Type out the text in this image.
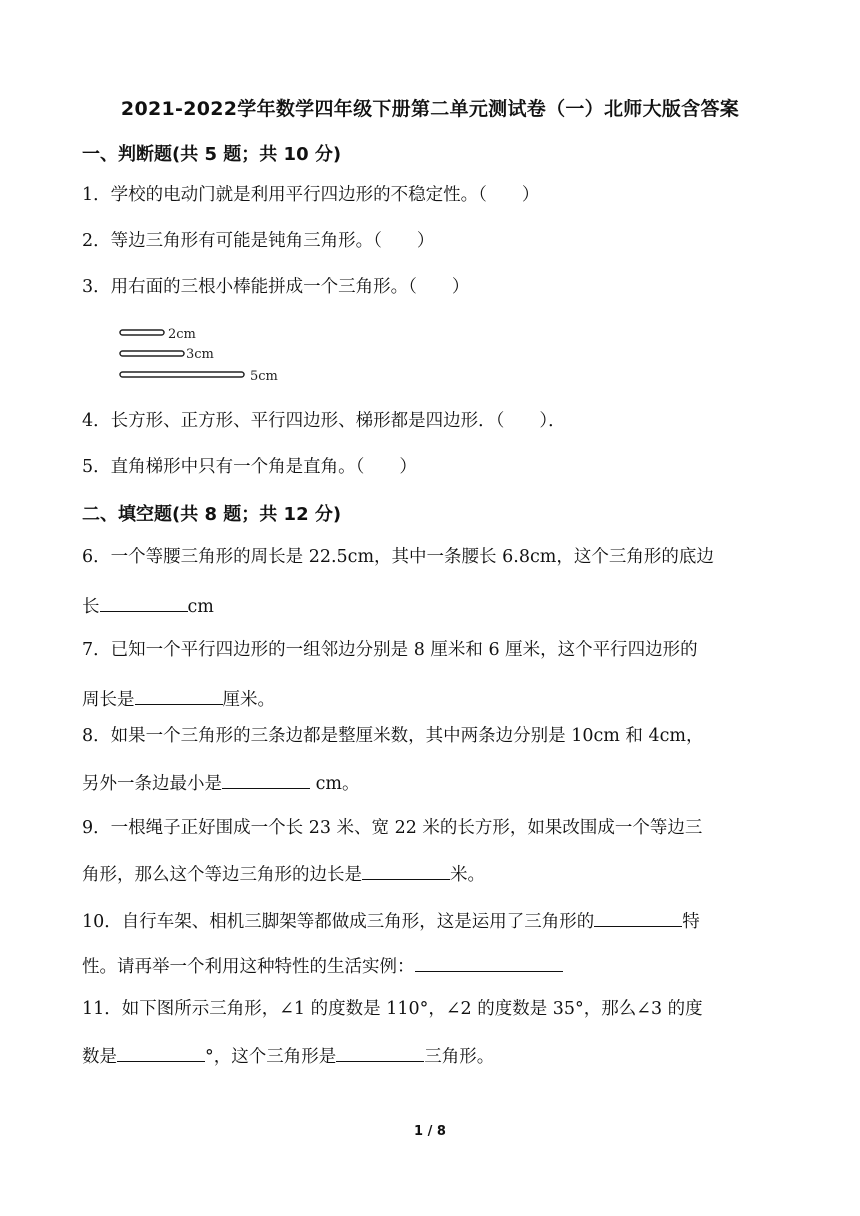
2021-2022学年数学四年级下册第二单元测试卷（一）北师大版含答案
一、判断题(共 5 题；共 10 分)
1．学校的电动门就是利用平行四边形的不稳定性。（　　）
2．等边三角形有可能是钝角三角形。（　　）
3．用右面的三根小棒能拼成一个三角形。（　　）
2cm
3cm
5cm
4．长方形、正方形、平行四边形、梯形都是四边形．（　　）．
5．直角梯形中只有一个角是直角。（　　）
二、填空题(共 8 题；共 12 分)
6．一个等腰三角形的周长是 22.5cm，其中一条腰长 6.8cm，这个三角形的底边
长	cm
7．已知一个平行四边形的一组邻边分别是 8 厘米和 6 厘米，这个平行四边形的
周长是	厘米。
8．如果一个三角形的三条边都是整厘米数，其中两条边分别是 10cm 和 4cm，
另外一条边最小是	cm。
9．一根绳子正好围成一个长 23 米、宽 22 米的长方形，如果改围成一个等边三
角形，那么这个等边三角形的边长是	米。
10．自行车架、相机三脚架等都做成三角形，这是运用了三角形的	特
性。请再举一个利用这种特性的生活实例：
11．如下图所示三角形，∠1 的度数是 110°，∠2 的度数是 35°，那么∠3 的度
数是	°，这个三角形是	三角形。
1 / 8
